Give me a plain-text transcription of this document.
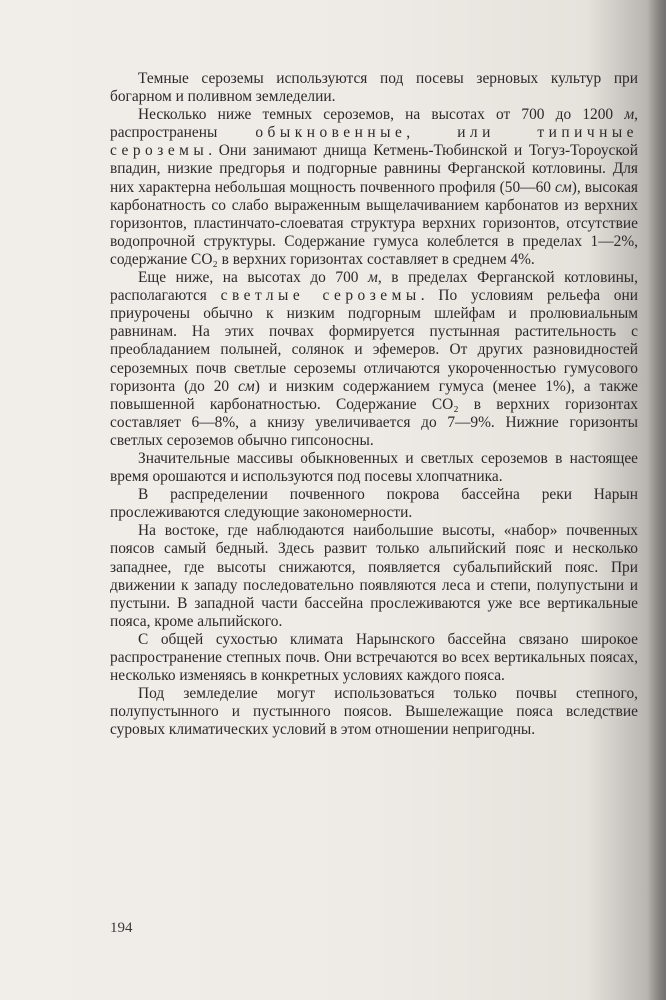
Темные сероземы используются под посевы зерновых культур при богарном и поливном земледелии.

Несколько ниже темных сероземов, на высотах от 700 до 1200 м, распространены обыкновенные, или типичные сероземы. Они занимают днища Кетмень-Тюбинской и Тогуз-Тороуской впадин, низкие предгорья и подгорные равнины Ферганской котловины. Для них характерна небольшая мощность почвенного профиля (50—60 см), высокая карбонатность со слабо выраженным выщелачиванием карбонатов из верхних горизонтов, пластинчато-слоеватая структура верхних горизонтов, отсутствие водопрочной структуры. Содержание гумуса колеблется в пределах 1—2%, содержание CO₂ в верхних горизонтах составляет в среднем 4%.

Еще ниже, на высотах до 700 м, в пределах Ферганской котловины, располагаются светлые сероземы. По условиям рельефа они приурочены обычно к низким подгорным шлейфам и пролювиальным равнинам. На этих почвах формируется пустынная растительность с преобладанием полыней, солянок и эфемеров. От других разновидностей сероземных почв светлые сероземы отличаются укороченностью гумусового горизонта (до 20 см) и низким содержанием гумуса (менее 1%), а также повышенной карбонатностью. Содержание CO₂ в верхних горизонтах составляет 6—8%, а книзу увеличивается до 7—9%. Нижние горизонты светлых сероземов обычно гипсоносны.

Значительные массивы обыкновенных и светлых сероземов в настоящее время орошаются и используются под посевы хлопчатника.

В распределении почвенного покрова бассейна реки Нарын прослеживаются следующие закономерности.

На востоке, где наблюдаются наибольшие высоты, «набор» почвенных поясов самый бедный. Здесь развит только альпийский пояс и несколько западнее, где высоты снижаются, появляется субальпийский пояс. При движении к западу последовательно появляются леса и степи, полупустыни и пустыни. В западной части бассейна прослеживаются уже все вертикальные пояса, кроме альпийского.

С общей сухостью климата Нарынского бассейна связано широкое распространение степных почв. Они встречаются во всех вертикальных поясах, несколько изменяясь в конкретных условиях каждого пояса.

Под земледелие могут использоваться только почвы степного, полупустынного и пустынного поясов. Вышележащие пояса вследствие суровых климатических условий в этом отношении непригодны.

194
